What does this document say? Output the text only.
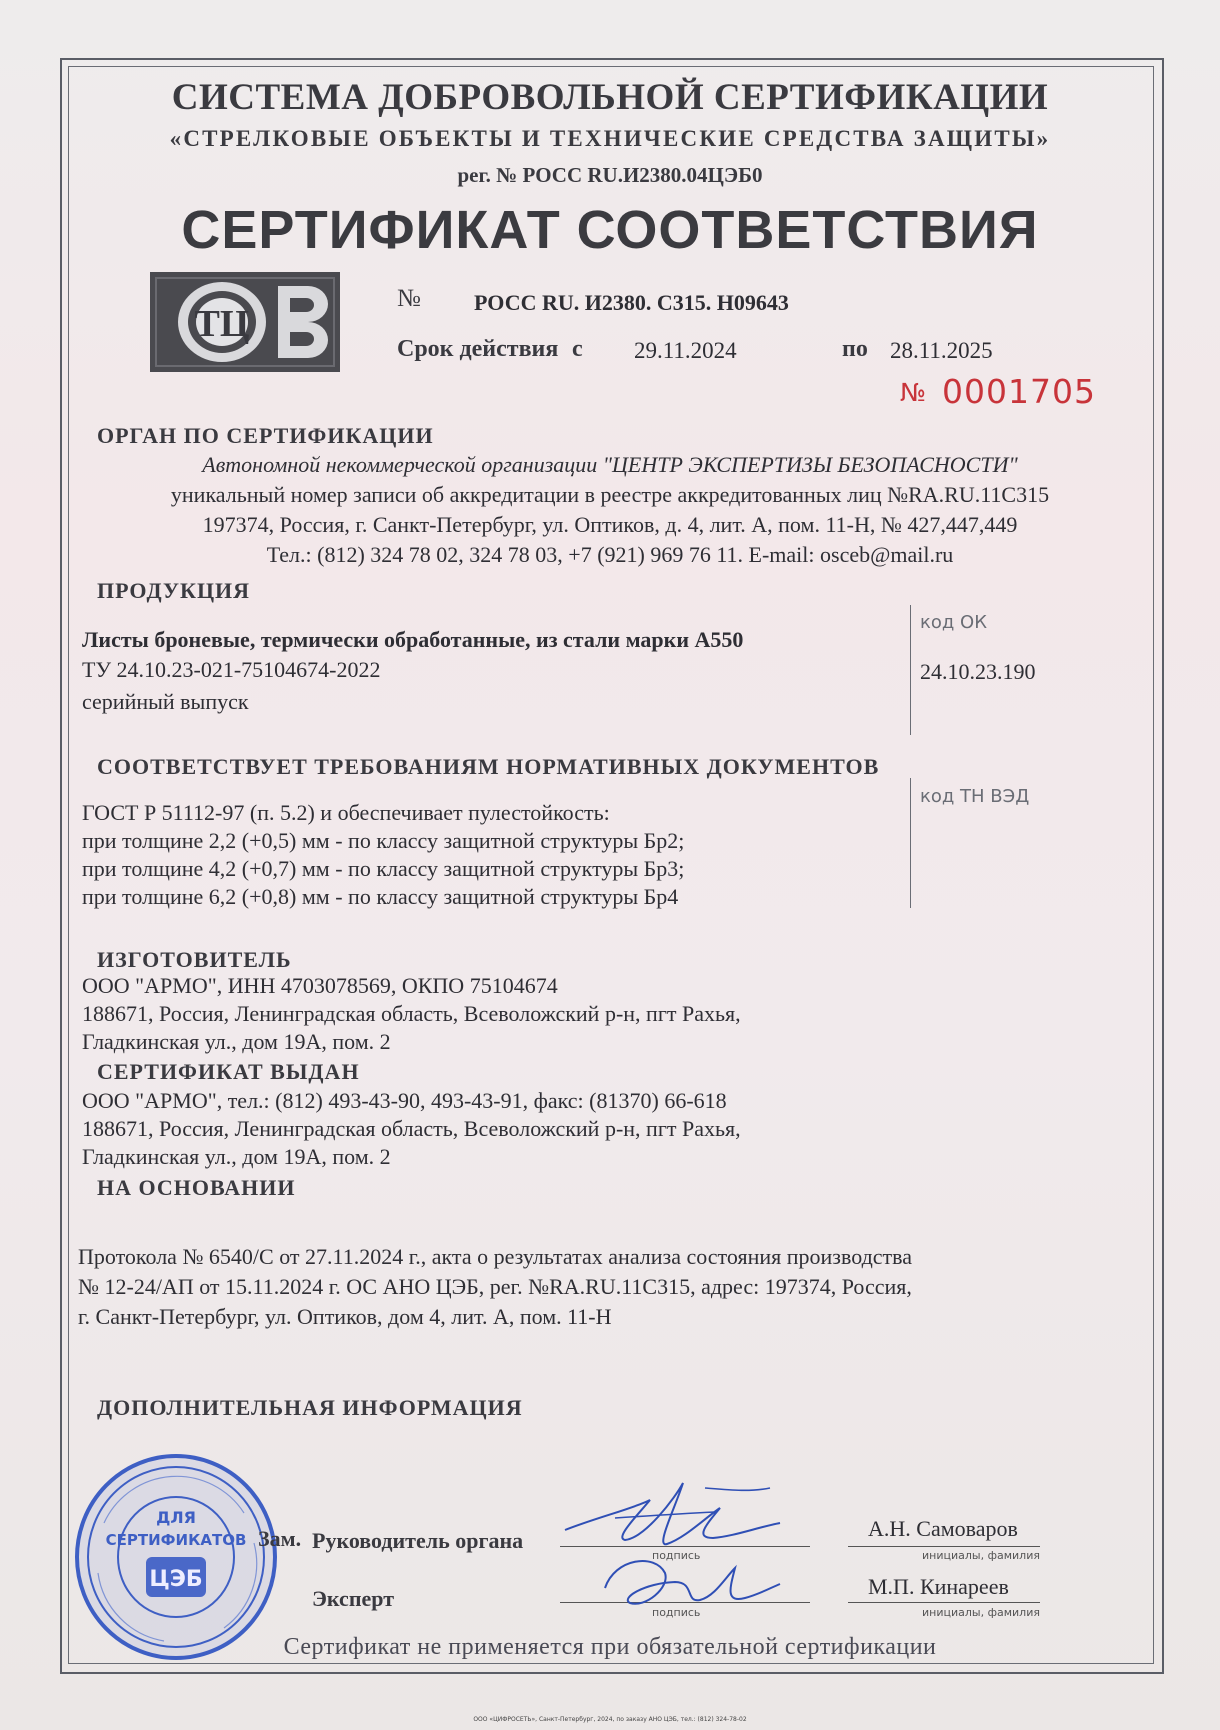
СИСТЕМА ДОБРОВОЛЬНОЙ СЕРТИФИКАЦИИ
«СТРЕЛКОВЫЕ ОБЪЕКТЫ И ТЕХНИЧЕСКИЕ СРЕДСТВА ЗАЩИТЫ»
рег. № РОСС RU.И2380.04ЦЭБ0
СЕРТИФИКАТ СООТВЕТСТВИЯ
ТЦ
№ РОСС RU. И2380. С315. Н09643
Срок действия с 29.11.2024	по 28.11.2025
№ 0001705
ОРГАН ПО СЕРТИФИКАЦИИ
Автономной некоммерческой организации "ЦЕНТР ЭКСПЕРТИЗЫ БЕЗОПАСНОСТИ"
уникальный номер записи об аккредитации в реестре аккредитованных лиц №RA.RU.11С315
197374, Россия, г. Санкт-Петербург, ул. Оптиков, д. 4, лит. А, пом. 11-Н, № 427,447,449
Тел.: (812) 324 78 02, 324 78 03, +7 (921) 969 76 11. E-mail: osceb@mail.ru
ПРОДУКЦИЯ
Листы броневые, термически обработанные, из стали марки А550
ТУ 24.10.23-021-75104674-2022
серийный выпуск
код ОК
24.10.23.190
СООТВЕТСТВУЕТ ТРЕБОВАНИЯМ НОРМАТИВНЫХ ДОКУМЕНТОВ
код ТН ВЭД
ГОСТ Р 51112-97 (п. 5.2) и обеспечивает пулестойкость:
при толщине 2,2 (+0,5) мм - по классу защитной структуры Бр2;
при толщине 4,2 (+0,7) мм - по классу защитной структуры Бр3;
при толщине 6,2 (+0,8) мм - по классу защитной структуры Бр4
ИЗГОТОВИТЕЛЬ
ООО "АРМО", ИНН 4703078569, ОКПО 75104674
188671, Россия, Ленинградская область, Всеволожский р-н, пгт Рахья,
Гладкинская ул., дом 19А, пом. 2
СЕРТИФИКАТ ВЫДАН
ООО "АРМО", тел.: (812) 493-43-90, 493-43-91, факс: (81370) 66-618
188671, Россия, Ленинградская область, Всеволожский р-н, пгт Рахья,
Гладкинская ул., дом 19А, пом. 2
НА ОСНОВАНИИ
Протокола № 6540/С от 27.11.2024 г., акта о результатах анализа состояния производства
№ 12-24/АП от 15.11.2024 г. ОС АНО ЦЭБ, рег. №RA.RU.11С315, адрес: 197374, Россия,
г. Санкт-Петербург, ул. Оптиков, дом 4, лит. А, пом. 11-Н
ДОПОЛНИТЕЛЬНАЯ ИНФОРМАЦИЯ
ДЛЯ
СЕРТИФИКАТОВ
ЦЭБ
Зам. Руководитель органа
подпись
А.Н. Самоваров
инициалы, фамилия
Эксперт
подпись
М.П. Кинареев
инициалы, фамилия
Сертификат не применяется при обязательной сертификации
ООО «ЦИФРОСЕТЬ», Санкт-Петербург, 2024, по заказу АНО ЦЭБ, тел.: (812) 324-78-02
